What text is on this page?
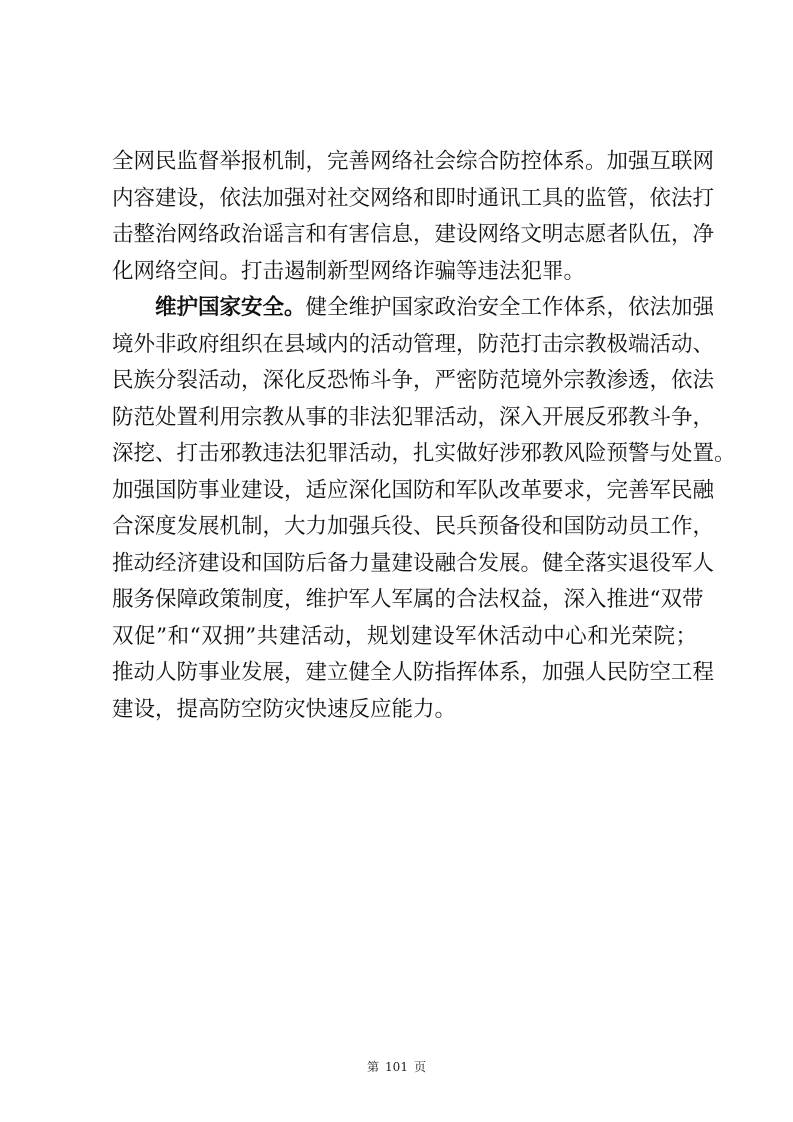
全网民监督举报机制，完善网络社会综合防控体系。加强互联网
内容建设，依法加强对社交网络和即时通讯工具的监管，依法打
击整治网络政治谣言和有害信息，建设网络文明志愿者队伍，净
化网络空间。打击遏制新型网络诈骗等违法犯罪。
维护国家安全。健全维护国家政治安全工作体系，依法加强
境外非政府组织在县域内的活动管理，防范打击宗教极端活动、
民族分裂活动，深化反恐怖斗争，严密防范境外宗教渗透，依法
防范处置利用宗教从事的非法犯罪活动，深入开展反邪教斗争，
深挖、打击邪教违法犯罪活动，扎实做好涉邪教风险预警与处置。
加强国防事业建设，适应深化国防和军队改革要求，完善军民融
合深度发展机制，大力加强兵役、民兵预备役和国防动员工作，
推动经济建设和国防后备力量建设融合发展。健全落实退役军人
服务保障政策制度，维护军人军属的合法权益，深入推进“双带
双促”和“双拥”共建活动，规划建设军休活动中心和光荣院；
推动人防事业发展，建立健全人防指挥体系，加强人民防空工程
建设，提高防空防灾快速反应能力。
第 101 页
